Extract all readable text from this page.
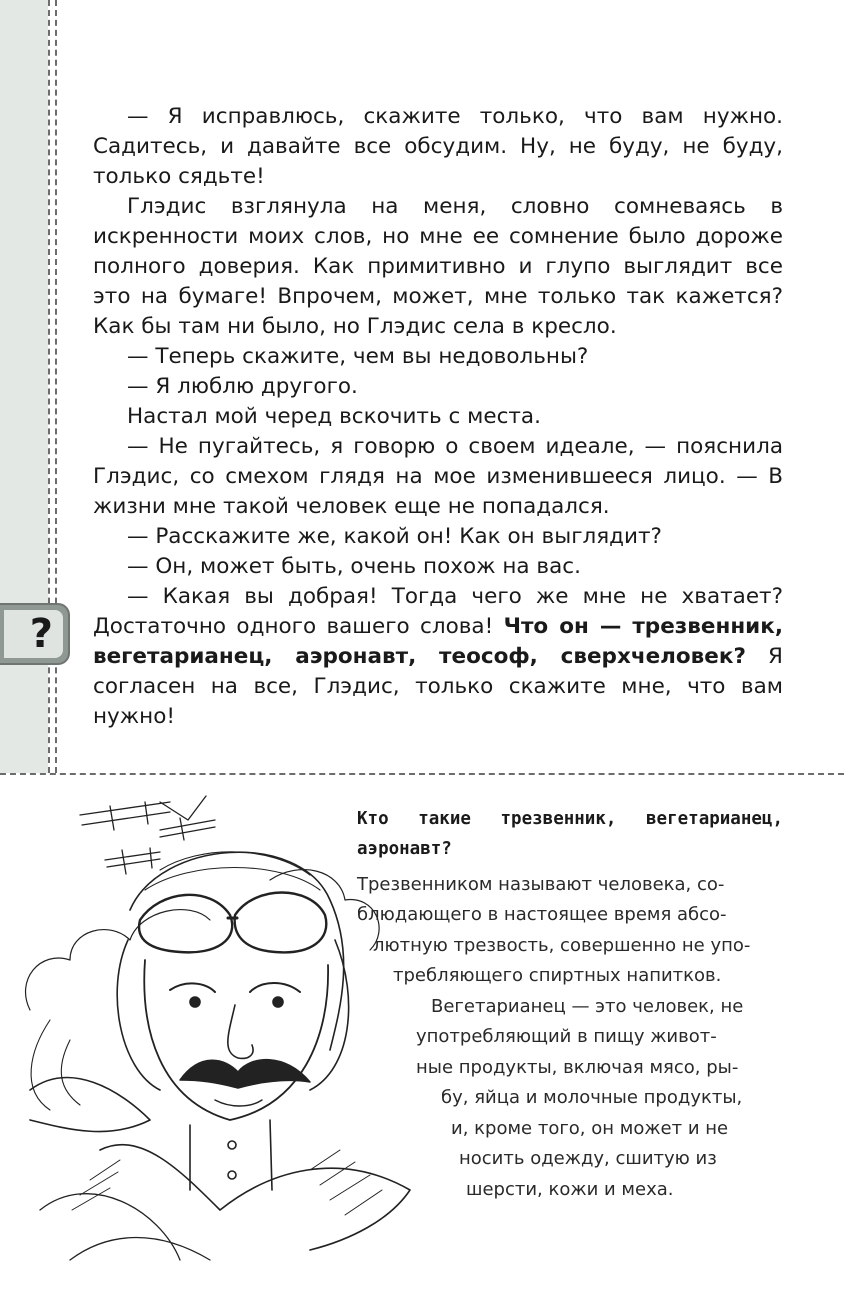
?

— Я исправлюсь, скажите только, что вам нужно. Садитесь, и давайте все обсудим. Ну, не буду, не буду, только сядьте!

Глэдис взглянула на меня, словно сомневаясь в искренности моих слов, но мне ее сомнение было дороже полного доверия. Как примитивно и глупо выглядит все это на бумаге! Впрочем, может, мне только так кажется? Как бы там ни было, но Глэдис села в кресло.

— Теперь скажите, чем вы недовольны?

— Я люблю другого.

Настал мой черед вскочить с места.

— Не пугайтесь, я говорю о своем идеале, — пояснила Глэдис, со смехом глядя на мое изменившееся лицо. — В жизни мне такой человек еще не попадался.

— Расскажите же, какой он! Как он выглядит?

— Он, может быть, очень похож на вас.

— Какая вы добрая! Тогда чего же мне не хватает? Достаточно одного вашего слова! Что он — трезвенник, вегетарианец, аэронавт, теософ, сверхчеловек? Я согласен на все, Глэдис, только скажите мне, что вам нужно!

Кто такие трезвенник, вегетарианец, аэронавт?

Трезвенником называют человека, со-

блюдающего в настоящее время абсо-

лютную трезвость, совершенно не упо-

требляющего спиртных напитков.

Вегетарианец — это человек, не

употребляющий в пищу живот-

ные продукты, включая мясо, ры-

бу, яйца и молочные продукты,

и, кроме того, он может и не

носить одежду, сшитую из

шерсти, кожи и меха.
